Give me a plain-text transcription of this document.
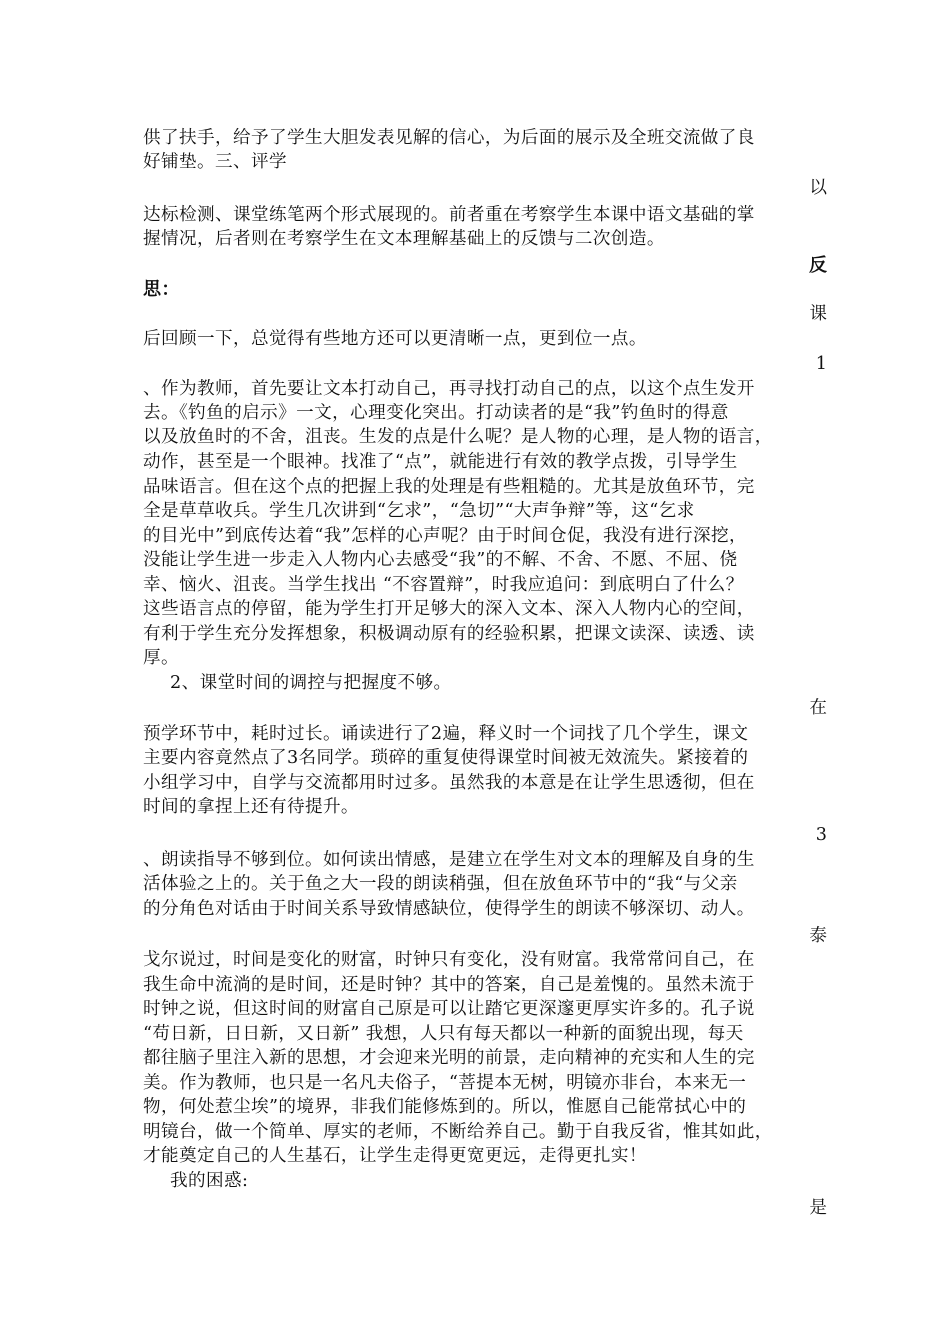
供了扶手，给予了学生大胆发表见解的信心，为后面的展示及全班交流做了良
好铺垫。三、评学
以
达标检测、课堂练笔两个形式展现的。前者重在考察学生本课中语文基础的掌
握情况，后者则在考察学生在文本理解基础上的反馈与二次创造。
反
思：
课
后回顾一下，总觉得有些地方还可以更清晰一点，更到位一点。
1
、作为教师，首先要让文本打动自己，再寻找打动自己的点，以这个点生发开
去。《钓鱼的启示》一文，心理变化突出。打动读者的是“我”钓鱼时的得意
以及放鱼时的不舍，沮丧。生发的点是什么呢？是人物的心理，是人物的语言，
动作，甚至是一个眼神。找准了“点”，就能进行有效的教学点拨，引导学生
品味语言。但在这个点的把握上我的处理是有些粗糙的。尤其是放鱼环节，完
全是草草收兵。学生几次讲到“乞求”，“急切”“大声争辩”等，这“乞求
的目光中”到底传达着“我”怎样的心声呢？由于时间仓促，我没有进行深挖，
没能让学生进一步走入人物内心去感受“我”的不解、不舍、不愿、不屈、侥
幸、恼火、沮丧。当学生找出 “不容置辩”，时我应追问：到底明白了什么？
这些语言点的停留，能为学生打开足够大的深入文本、深入人物内心的空间，
有利于学生充分发挥想象，积极调动原有的经验积累，把课文读深、读透、读
厚。
2、课堂时间的调控与把握度不够。
在
预学环节中，耗时过长。诵读进行了2遍，释义时一个词找了几个学生，课文
主要内容竟然点了3名同学。琐碎的重复使得课堂时间被无效流失。紧接着的
小组学习中，自学与交流都用时过多。虽然我的本意是在让学生思透彻，但在
时间的拿捏上还有待提升。
3
、朗读指导不够到位。如何读出情感，是建立在学生对文本的理解及自身的生
活体验之上的。关于鱼之大一段的朗读稍强，但在放鱼环节中的“我“与父亲
的分角色对话由于时间关系导致情感缺位，使得学生的朗读不够深切、动人。
泰
戈尔说过，时间是变化的财富，时钟只有变化，没有财富。我常常问自己，在
我生命中流淌的是时间，还是时钟？其中的答案，自己是羞愧的。虽然未流于
时钟之说，但这时间的财富自己原是可以让踏它更深邃更厚实许多的。孔子说
“苟日新，日日新，又日新” 我想，人只有每天都以一种新的面貌出现，每天
都往脑子里注入新的思想，才会迎来光明的前景，走向精神的充实和人生的完
美。作为教师，也只是一名凡夫俗子，“菩提本无树，明镜亦非台，本来无一
物，何处惹尘埃”的境界，非我们能修炼到的。所以，惟愿自己能常拭心中的
明镜台，做一个简单、厚实的老师，不断给养自己。勤于自我反省，惟其如此，
才能奠定自己的人生基石，让学生走得更宽更远，走得更扎实！
我的困惑:
是
